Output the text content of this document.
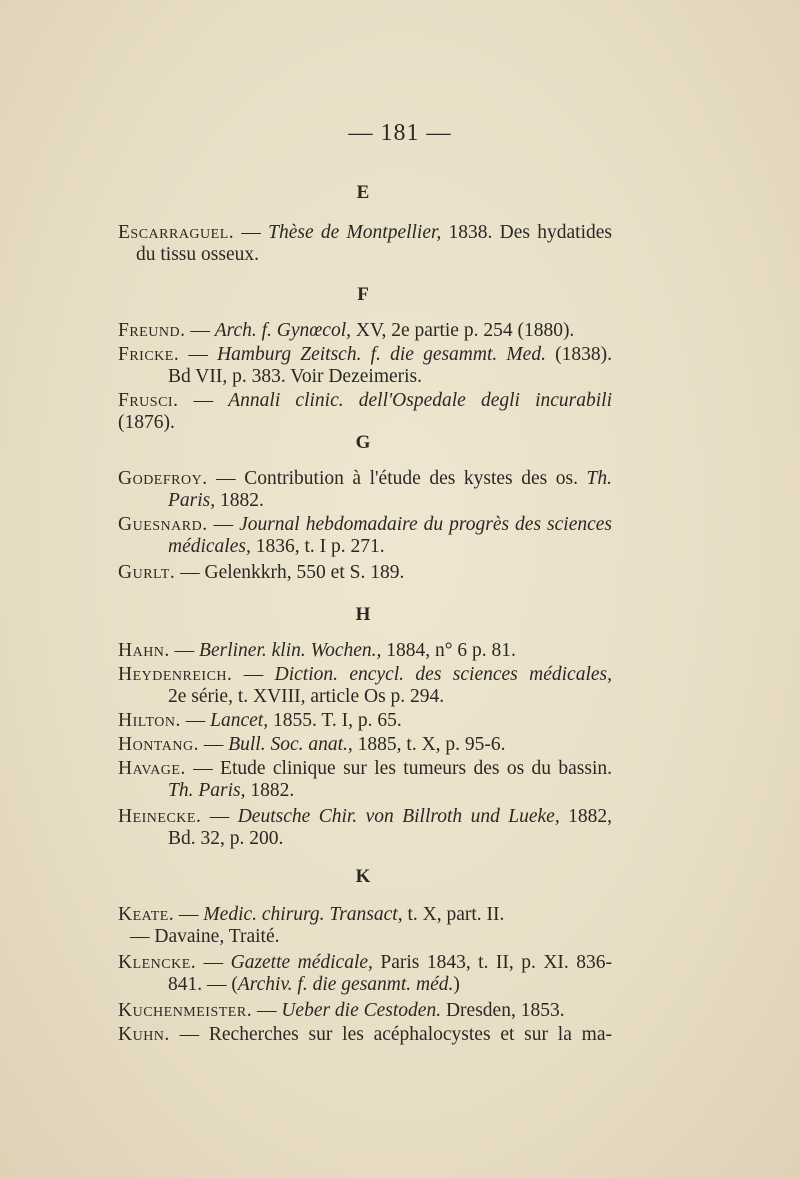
— 181 —
E
Escarraguel. — Thèse de Montpellier, 1838. Des hydatides
du tissu osseux.
F
Freund. — Arch. f. Gynœcol, XV, 2e partie p. 254 (1880).
Fricke. — Hamburg Zeitsch. f. die gesammt. Med. (1838).
Bd VII, p. 383. Voir Dezeimeris.
Frusci. — Annali clinic. dell'Ospedale degli incurabili (1876).
G
Godefroy. — Contribution à l'étude des kystes des os. Th.
Paris, 1882.
Guesnard. — Journal hebdomadaire du progrès des sciences
médicales, 1836, t. I p. 271.
Gurlt. — Gelenkkrh, 550 et S. 189.
H
Hahn. — Berliner. klin. Wochen., 1884, n° 6 p. 81.
Heydenreich. — Diction. encycl. des sciences médicales,
2e série, t. XVIII, article Os p. 294.
Hilton. — Lancet, 1855. T. I, p. 65.
Hontang. — Bull. Soc. anat., 1885, t. X, p. 95-6.
Havage. — Etude clinique sur les tumeurs des os du bassin.
Th. Paris, 1882.
Heinecke. — Deutsche Chir. von Billroth und Lueke, 1882,
Bd. 32, p. 200.
K
Keate. — Medic. chirurg. Transact, t. X, part. II.
— Davaine, Traité.
Klencke. — Gazette médicale, Paris 1843, t. II, p. XI. 836-
841. — (Archiv. f. die gesanmt. méd.)
Kuchenmeister. — Ueber die Cestoden. Dresden, 1853.
Kuhn. — Recherches sur les acéphalocystes et sur la ma-
